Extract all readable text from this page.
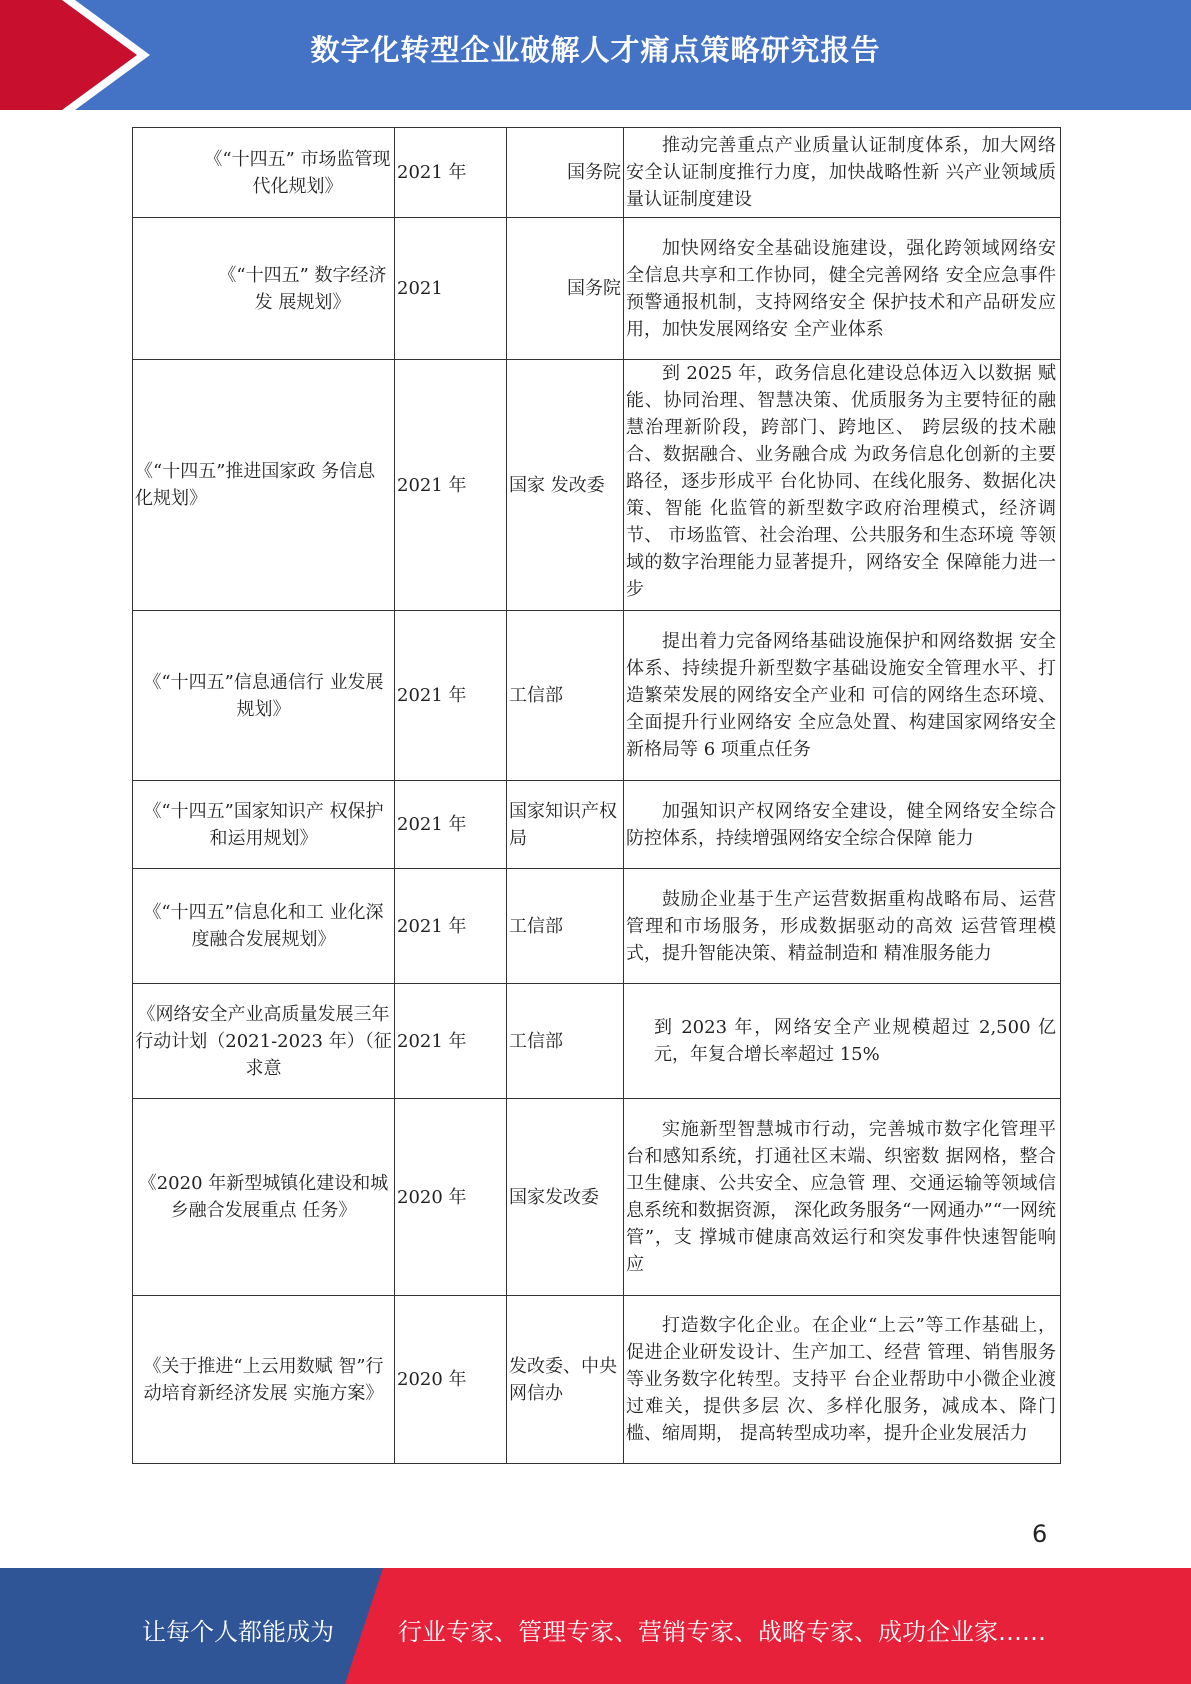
数字化转型企业破解人才痛点策略研究报告
《“十四五” 市场监管现 代化规划》	2021 年	国务院	推动完善重点产业质量认证制度体系，加大网络安全认证制度推行力度，加快战略性新 兴产业领域质量认证制度建设
《“十四五” 数字经济发 展规划》	2021	国务院	加快网络安全基础设施建设，强化跨领域网络安全信息共享和工作协同，健全完善网络 安全应急事件预警通报机制，支持网络安全 保护技术和产品研发应用，加快发展网络安 全产业体系
《“十四五”推进国家政 务信息化规划》	2021 年	国家 发改委	到 2025 年，政务信息化建设总体迈入以数据 赋能、协同治理、智慧决策、优质服务为主要特征的融慧治理新阶段，跨部门、跨地区、 跨层级的技术融合、数据融合、业务融合成 为政务信息化创新的主要路径，逐步形成平 台化协同、在线化服务、数据化决策、智能 化监管的新型数字政府治理模式，经济调节、 市场监管、社会治理、公共服务和生态环境 等领域的数字治理能力显著提升，网络安全 保障能力进一步

《“十四五”信息通信行 业发展规划》	2021 年	工信部	提出着力完备网络基础设施保护和网络数据 安全体系、持续提升新型数字基础设施安全管理水平、打造繁荣发展的网络安全产业和 可信的网络生态环境、全面提升行业网络安 全应急处置、构建国家网络安全新格局等 6 项重点任务
《“十四五”国家知识产 权保护和运用规划》	2021 年	国家知识产权局	加强知识产权网络安全建设，健全网络安全综合防控体系，持续增强网络安全综合保障 能力
《“十四五”信息化和工 业化深度融合发展规划》	2021 年	工信部	鼓励企业基于生产运营数据重构战略布局、运营管理和市场服务，形成数据驱动的高效 运营管理模式，提升智能决策、精益制造和 精准服务能力
《网络安全产业高质量发展三年行动计划（2021-2023 年）（征求意	2021 年	工信部	到 2023 年，网络安全产业规模超过 2,500 亿元，年复合增长率超过 15%
《2020 年新型城镇化建设和城乡融合发展重点 任务》	2020 年	国家发改委	实施新型智慧城市行动，完善城市数字化管理平台和感知系统，打通社区末端、织密数 据网格，整合卫生健康、公共安全、应急管 理、交通运输等领域信息系统和数据资源， 深化政务服务“一网通办”“一网统管”，支 撑城市健康高效运行和突发事件快速智能响 应
《关于推进“上云用数赋 智”行动培育新经济发展 实施方案》	2020 年	发改委、中央网信办	打造数字化企业。在企业“上云”等工作基础上，促进企业研发设计、生产加工、经营 管理、销售服务等业务数字化转型。支持平 台企业帮助中小微企业渡过难关，提供多层 次、多样化服务，减成本、降门槛、缩周期， 提高转型成功率，提升企业发展活力
6
让每个人都能成为	行业专家、管理专家、营销专家、战略专家、成功企业家……
